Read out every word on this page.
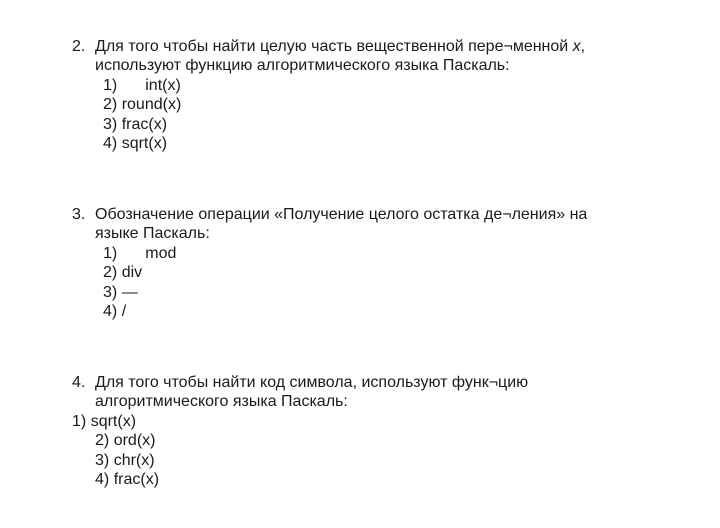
2. Для того чтобы найти целую часть вещественной пере¬менной x,
используют функцию алгоритмического языка Паскаль:
1) int(x)
2) round(x)
3) frac(x)
4) sqrt(x)
3. Обозначение операции «Получение целого остатка де¬ления» на
языке Паскаль:
1) mod
2) div
3) —
4) /
4. Для того чтобы найти код символа, используют функ¬цию
алгоритмического языка Паскаль:
1) sqrt(x)
2) ord(x)
3) chr(x)
4) frac(x)
